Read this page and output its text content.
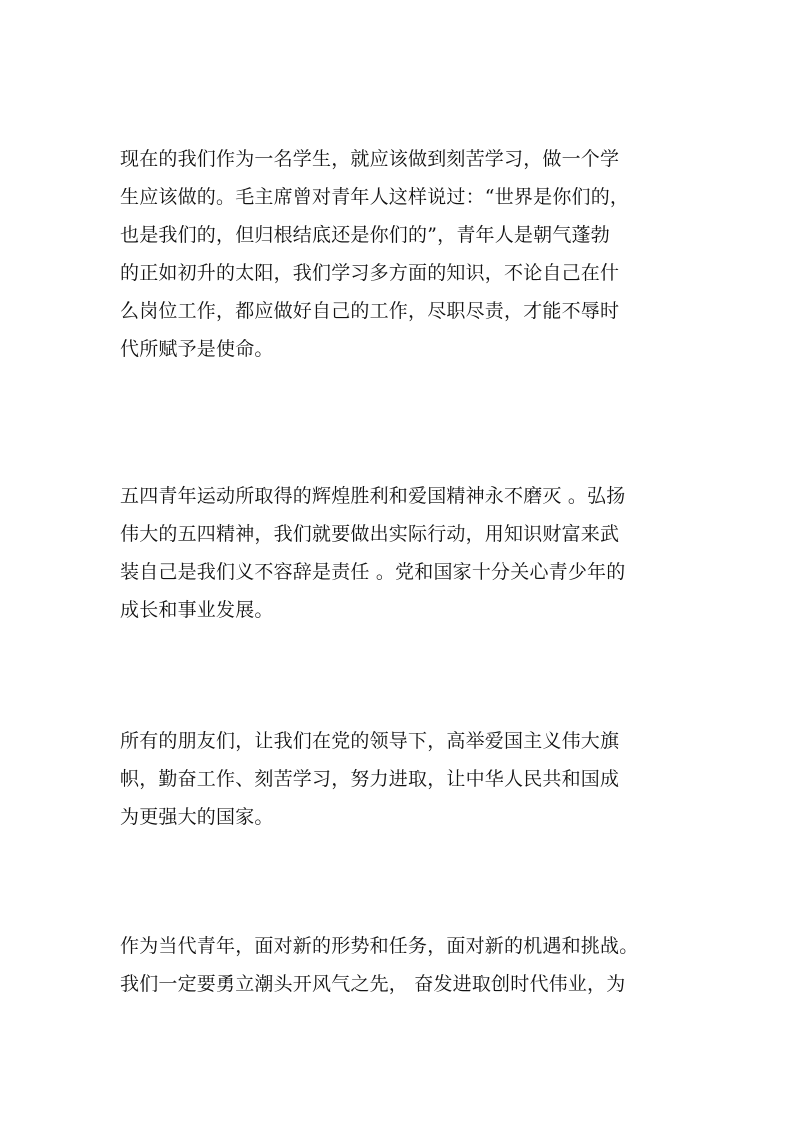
现在的我们作为一名学生，就应该做到刻苦学习，做一个学
生应该做的。毛主席曾对青年人这样说过：“世界是你们的，
也是我们的，但归根结底还是你们的”，青年人是朝气蓬勃
的正如初升的太阳，我们学习多方面的知识，不论自己在什
么岗位工作，都应做好自己的工作，尽职尽责，才能不辱时
代所赋予是使命。
五四青年运动所取得的辉煌胜利和爱国精神永不磨灭 。弘扬
伟大的五四精神，我们就要做出实际行动，用知识财富来武
装自己是我们义不容辞是责任 。党和国家十分关心青少年的
成长和事业发展。
所有的朋友们，让我们在党的领导下，高举爱国主义伟大旗
帜，勤奋工作、刻苦学习，努力进取，让中华人民共和国成
为更强大的国家。
作为当代青年，面对新的形势和任务，面对新的机遇和挑战。
我们一定要勇立潮头开风气之先， 奋发进取创时代伟业，为
